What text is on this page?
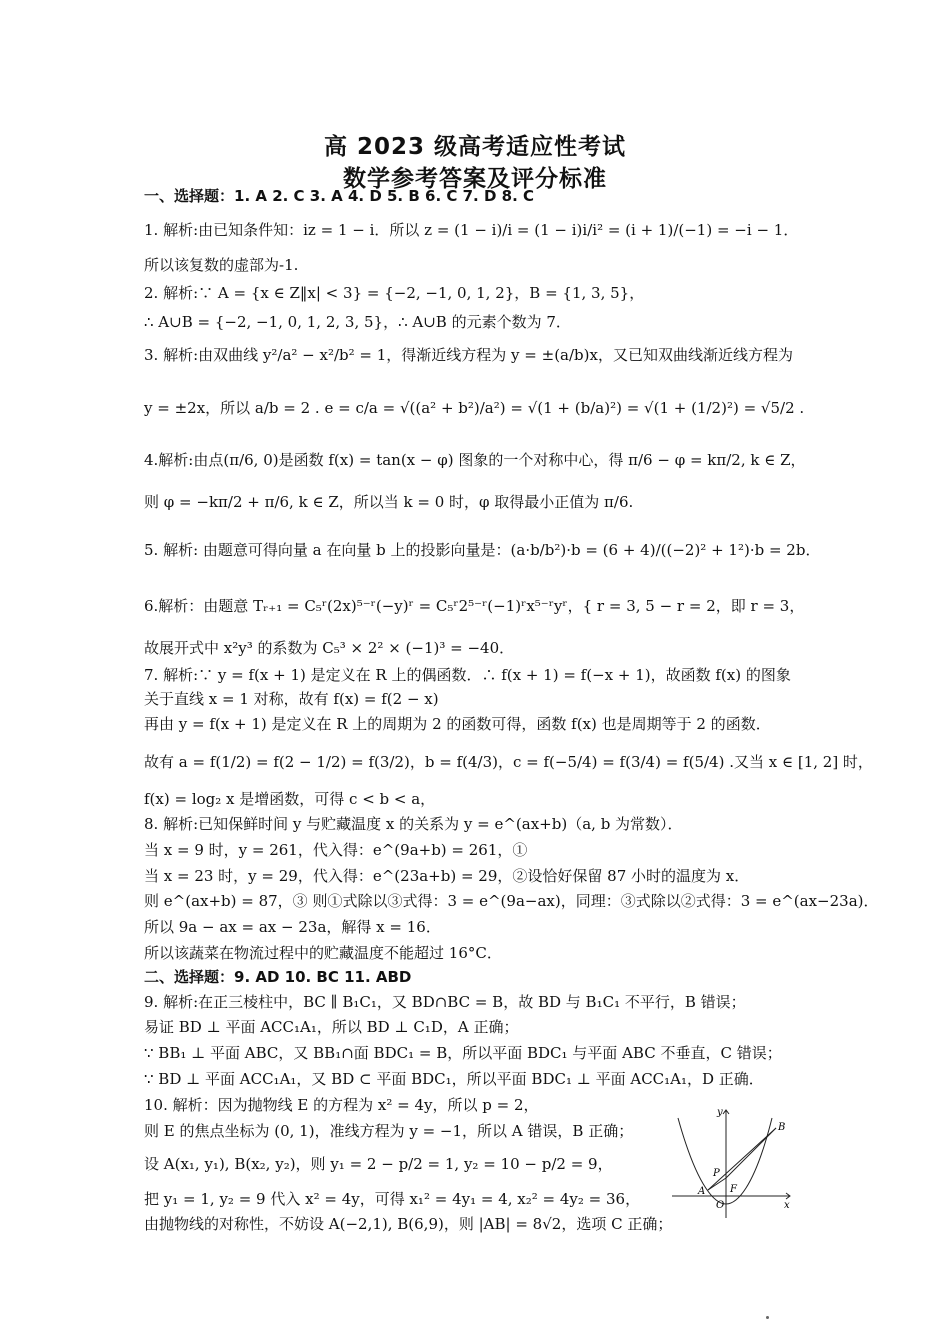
高 2023 级高考适应性考试
数学参考答案及评分标准
一、选择题：1. A 2. C 3. A 4. D 5. B 6. C 7. D 8. C
1. 解析:由已知条件知：iz = 1 − i．所以 z = (1 − i)/i = (1 − i)i/i² = (i + 1)/(−1) = −i − 1．
所以该复数的虚部为-1.
2. 解析:∵ A = {x ∈ Z‖x| < 3} = {−2, −1, 0, 1, 2}，B = {1, 3, 5}，
∴ A∪B = {−2, −1, 0, 1, 2, 3, 5}，∴ A∪B 的元素个数为 7．
3. 解析:由双曲线 y²/a² − x²/b² = 1，得渐近线方程为 y = ±(a/b)x，又已知双曲线渐近线方程为
y = ±2x，所以 a/b = 2 . e = c/a = √((a² + b²)/a²) = √(1 + (b/a)²) = √(1 + (1/2)²) = √5/2 .
4.解析:由点(π/6, 0)是函数 f(x) = tan(x − φ) 图象的一个对称中心，得 π/6 − φ = kπ/2, k ∈ Z，
则 φ = −kπ/2 + π/6, k ∈ Z，所以当 k = 0 时，φ 取得最小正值为 π/6.
5. 解析: 由题意可得向量 a 在向量 b 上的投影向量是：(a·b/b²)·b = (6 + 4)/((−2)² + 1²)·b = 2b．
6.解析：由题意 Tᵣ₊₁ = C₅ʳ(2x)⁵⁻ʳ(−y)ʳ = C₅ʳ2⁵⁻ʳ(−1)ʳx⁵⁻ʳyʳ，{ r = 3, 5 − r = 2，即 r = 3，
故展开式中 x²y³ 的系数为 C₅³ × 2² × (−1)³ = −40．
7. 解析:∵ y = f(x + 1) 是定义在 R 上的偶函数．∴ f(x + 1) = f(−x + 1)，故函数 f(x) 的图象
关于直线 x = 1 对称，故有 f(x) = f(2 − x)
再由 y = f(x + 1) 是定义在 R 上的周期为 2 的函数可得，函数 f(x) 也是周期等于 2 的函数．
故有 a = f(1/2) = f(2 − 1/2) = f(3/2)，b = f(4/3)，c = f(−5/4) = f(3/4) = f(5/4) .又当 x ∈ [1, 2] 时，
f(x) = log₂ x 是增函数，可得 c < b < a，
8. 解析:已知保鲜时间 y 与贮藏温度 x 的关系为 y = e^(ax+b)（a, b 为常数）．
当 x = 9 时，y = 261，代入得：e^(9a+b) = 261，①
当 x = 23 时，y = 29，代入得：e^(23a+b) = 29，②设恰好保留 87 小时的温度为 x．
则 e^(ax+b) = 87，③ 则①式除以③式得：3 = e^(9a−ax)，同理：③式除以②式得：3 = e^(ax−23a)．
所以 9a − ax = ax − 23a，解得 x = 16．
所以该蔬菜在物流过程中的贮藏温度不能超过 16°C．
二、选择题：9. AD 10. BC 11. ABD
9. 解析:在正三棱柱中，BC ∥ B₁C₁，又 BD∩BC = B，故 BD 与 B₁C₁ 不平行，B 错误；
易证 BD ⊥ 平面 ACC₁A₁，所以 BD ⊥ C₁D，A 正确；
∵ BB₁ ⊥ 平面 ABC，又 BB₁∩面 BDC₁ = B，所以平面 BDC₁ 与平面 ABC 不垂直，C 错误；
∵ BD ⊥ 平面 ACC₁A₁，又 BD ⊂ 平面 BDC₁，所以平面 BDC₁ ⊥ 平面 ACC₁A₁，D 正确．
10. 解析：因为抛物线 E 的方程为 x² = 4y，所以 p = 2，
则 E 的焦点坐标为 (0, 1)，准线方程为 y = −1，所以 A 错误，B 正确；
设 A(x₁, y₁), B(x₂, y₂)，则 y₁ = 2 − p/2 = 1, y₂ = 10 − p/2 = 9，
把 y₁ = 1, y₂ = 9 代入 x² = 4y，可得 x₁² = 4y₁ = 4, x₂² = 4y₂ = 36，
由抛物线的对称性，不妨设 A(−2,1), B(6,9)，则 |AB| = 8√2，选项 C 正确；
y
B
P
A F
O	x
